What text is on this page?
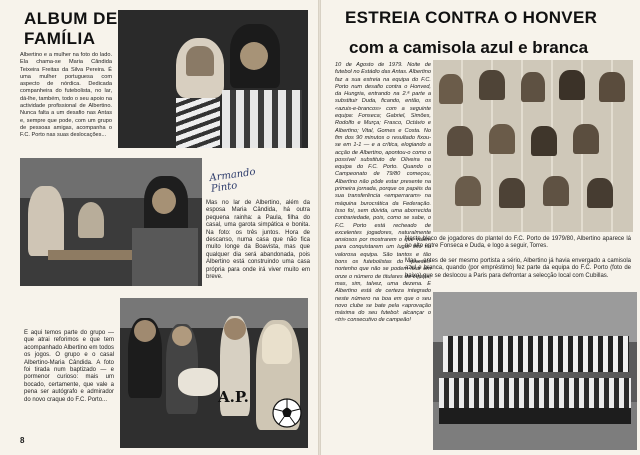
ALBUM DE
FAMÍLIA
Albertino e a mulher na foto do lado. Ela chama-se Maria Cândida Teixeira Freitas da Silva Pereira. É uma mulher portuguesa com aspecto de nórdica. Dedicada companheira do futebolista, no lar, dá-lhe, também, todo o seu apoio na actividade profissional de Albertino. Nunca falta a um desafio nas Antas e, sempre que pode, com um grupo de pessoas amigas, acompanha o F.C. Porto nas suas deslocações...
Armando Pinto
Mas no lar de Albertino, além da esposa Maria Cândida, há outra pequena rainha: a Paula, filha do casal, uma garota simpática e bonita. Na foto: os três juntos. Hora de descanso, numa casa que não fica muito longe da Boavista, mas que qualquer dia será abandonada, pois Albertino está construindo uma casa própria para onde irá viver muito em breve.
E aqui temos parte do grupo — que atrai reforimos e que tem acompanhado Albertino em todos os jogos. O grupo e o casal Albertino-Maria Cândida. A foto foi tirada num baptizado — e pormenor curioso: mais um bocado, certamente, que vale a pena ser autógrafo e admirador do novo craque do F.C. Porto...	A.P.
8
ESTREIA CONTRA O HONVER
com a camisola azul e branca
10 de Agosto de 1979. Noite de futebol no Estádio das Antas. Albertino faz a sua estreia na equipa do F.C. Porto num desafio contra o Honved, da Hungria, entrando na 2.ª parte a substituir Duda, ficando, então, os «azuis-e-brancos» com a seguinte equipa: Fonseca; Gabriel, Simões, Rodolfo e Murça; Frasco, Octávio e Albertino; Vital, Gomes e Costa. No fim dos 90 minutos o resultado fixou-se em 1-1 — e a crítica, elogiando a acção de Albertino, apontou-o como o possível substituto de Oliveira na equipa do F.C. Porto. Quando o Campeonato de 79/80 começou, Albertino não pôde estar presente na primeira jornada, porque os papéis da sua transferência «emperraram» na máquina burocrática da Federação. Isso foi, sem dúvida, uma aborrecida contrariedade, pois, como se sabe, o F.C. Porto está recheado de excelentes jogadores, naturalmente ansiosos por mostrarem o que valem para conquistarem um lugar fixo na valorosa equipa. São tantos e tão bons os futebolistas do «plantel» nortenho que não se podem fixar em onze o número de titulares da equipa, mas, sim, talvez, uma dezena. E Albertino está de certeza integrado neste número na boa em que o seu novo clube se bate pela «aprovação máxima do seu futebol: alcançar o «tri» consecutivo de campeão!
Neste bloco de jogadores do plantel do F.C. Porto de 1979/80, Albertino aparece lá no alto entre Fonseca e Duda, e logo a seguir, Torres.
Mas... antes de ser mesmo portista a sério, Albertino já havia envergado a camisola azul e branca, quando (por empréstimo) fez parte da equipa do F.C. Porto (foto de baixo) que se deslocou a Paris para defrontar a selecção local com Cubillas.
